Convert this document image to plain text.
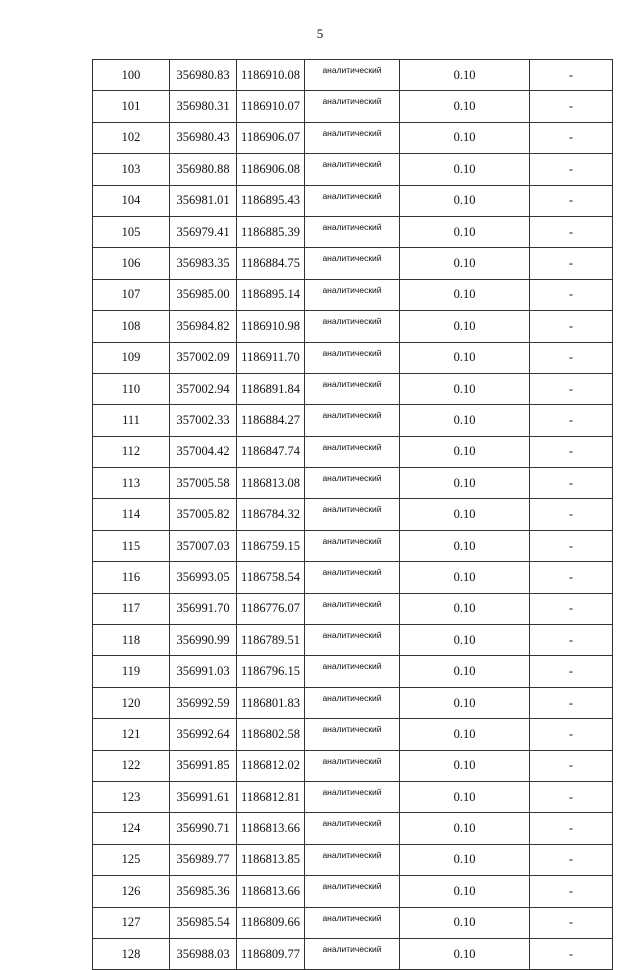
5
100	356980.83	1186910.08	аналитический	0.10	-
101	356980.31	1186910.07	аналитический	0.10	-
102	356980.43	1186906.07	аналитический	0.10	-
103	356980.88	1186906.08	аналитический	0.10	-
104	356981.01	1186895.43	аналитический	0.10	-
105	356979.41	1186885.39	аналитический	0.10	-
106	356983.35	1186884.75	аналитический	0.10	-
107	356985.00	1186895.14	аналитический	0.10	-
108	356984.82	1186910.98	аналитический	0.10	-
109	357002.09	1186911.70	аналитический	0.10	-
110	357002.94	1186891.84	аналитический	0.10	-
111	357002.33	1186884.27	аналитический	0.10	-
112	357004.42	1186847.74	аналитический	0.10	-
113	357005.58	1186813.08	аналитический	0.10	-
114	357005.82	1186784.32	аналитический	0.10	-
115	357007.03	1186759.15	аналитический	0.10	-
116	356993.05	1186758.54	аналитический	0.10	-
117	356991.70	1186776.07	аналитический	0.10	-
118	356990.99	1186789.51	аналитический	0.10	-
119	356991.03	1186796.15	аналитический	0.10	-
120	356992.59	1186801.83	аналитический	0.10	-
121	356992.64	1186802.58	аналитический	0.10	-
122	356991.85	1186812.02	аналитический	0.10	-
123	356991.61	1186812.81	аналитический	0.10	-
124	356990.71	1186813.66	аналитический	0.10	-
125	356989.77	1186813.85	аналитический	0.10	-
126	356985.36	1186813.66	аналитический	0.10	-
127	356985.54	1186809.66	аналитический	0.10	-
128	356988.03	1186809.77	аналитический	0.10	-
